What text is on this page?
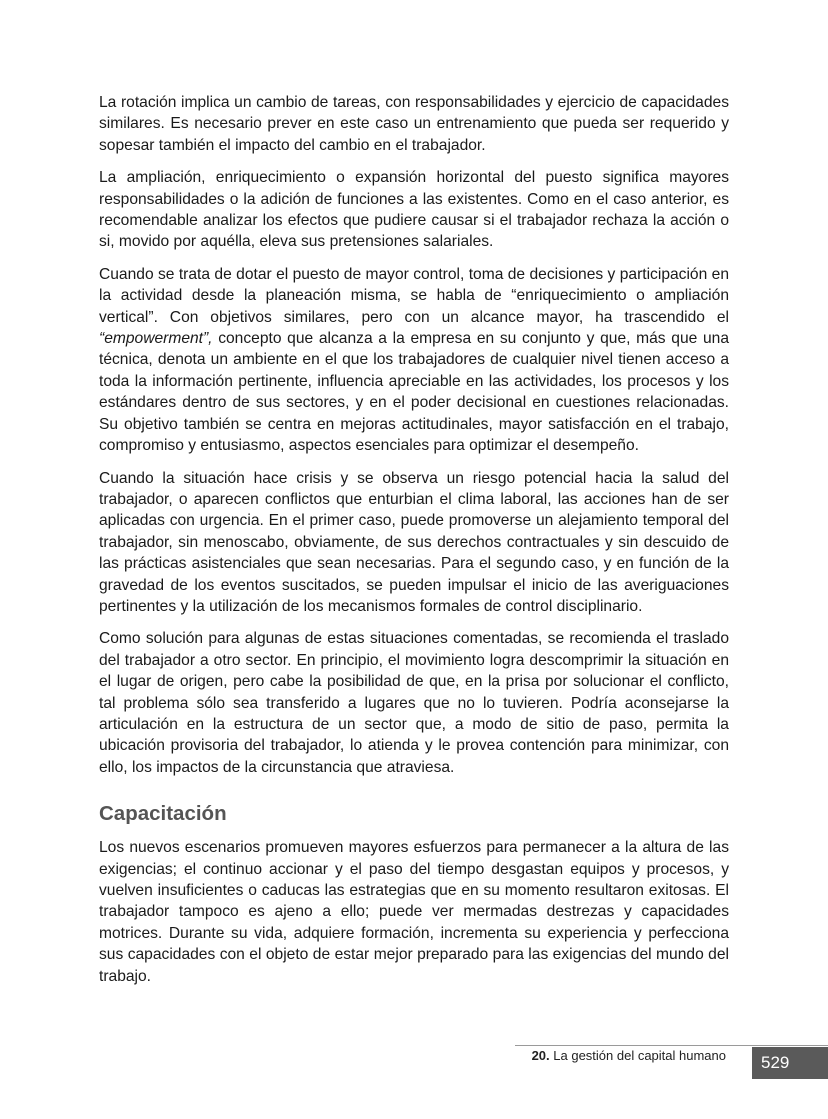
La rotación implica un cambio de tareas, con responsabilidades y ejercicio de capacidades similares. Es necesario prever en este caso un entrenamiento que pueda ser requerido y sopesar también el impacto del cambio en el trabajador.

La ampliación, enriquecimiento o expansión horizontal del puesto significa mayores responsabilidades o la adición de funciones a las existentes. Como en el caso anterior, es recomendable analizar los efectos que pudiere causar si el trabajador rechaza la acción o si, movido por aquélla, eleva sus pretensiones salariales.

Cuando se trata de dotar el puesto de mayor control, toma de decisiones y participación en la actividad desde la planeación misma, se habla de “enriquecimiento o ampliación vertical”. Con objetivos similares, pero con un alcance mayor, ha trascendido el “empowerment”, concepto que alcanza a la empresa en su conjunto y que, más que una técnica, denota un ambiente en el que los trabajadores de cualquier nivel tienen acceso a toda la información pertinente, influencia apreciable en las actividades, los procesos y los estándares dentro de sus sectores, y en el poder decisional en cuestiones relacionadas. Su objetivo también se centra en mejoras actitudinales, mayor satisfacción en el trabajo, compromiso y entusiasmo, aspectos esenciales para optimizar el desempeño.

Cuando la situación hace crisis y se observa un riesgo potencial hacia la salud del trabajador, o aparecen conflictos que enturbian el clima laboral, las acciones han de ser aplicadas con urgencia. En el primer caso, puede promoverse un alejamiento temporal del trabajador, sin menoscabo, obviamente, de sus derechos contractuales y sin descuido de las prácticas asistenciales que sean necesarias. Para el segundo caso, y en función de la gravedad de los eventos suscitados, se pueden impulsar el inicio de las averiguaciones pertinentes y la utilización de los mecanismos formales de control disciplinario.

Como solución para algunas de estas situaciones comentadas, se recomienda el traslado del trabajador a otro sector. En principio, el movimiento logra descomprimir la situación en el lugar de origen, pero cabe la posibilidad de que, en la prisa por solucionar el conflicto, tal problema sólo sea transferido a lugares que no lo tuvieren. Podría aconsejarse la articulación en la estructura de un sector que, a modo de sitio de paso, permita la ubicación provisoria del trabajador, lo atienda y le provea contención para minimizar, con ello, los impactos de la circunstancia que atraviesa.

Capacitación

Los nuevos escenarios promueven mayores esfuerzos para permanecer a la altura de las exigencias; el continuo accionar y el paso del tiempo desgastan equipos y procesos, y vuelven insuficientes o caducas las estrategias que en su momento resultaron exitosas. El trabajador tampoco es ajeno a ello; puede ver mermadas destrezas y capacidades motrices. Durante su vida, adquiere formación, incrementa su experiencia y perfecciona sus capacidades con el objeto de estar mejor preparado para las exigencias del mundo del trabajo.

20. La gestión del capital humano	529
